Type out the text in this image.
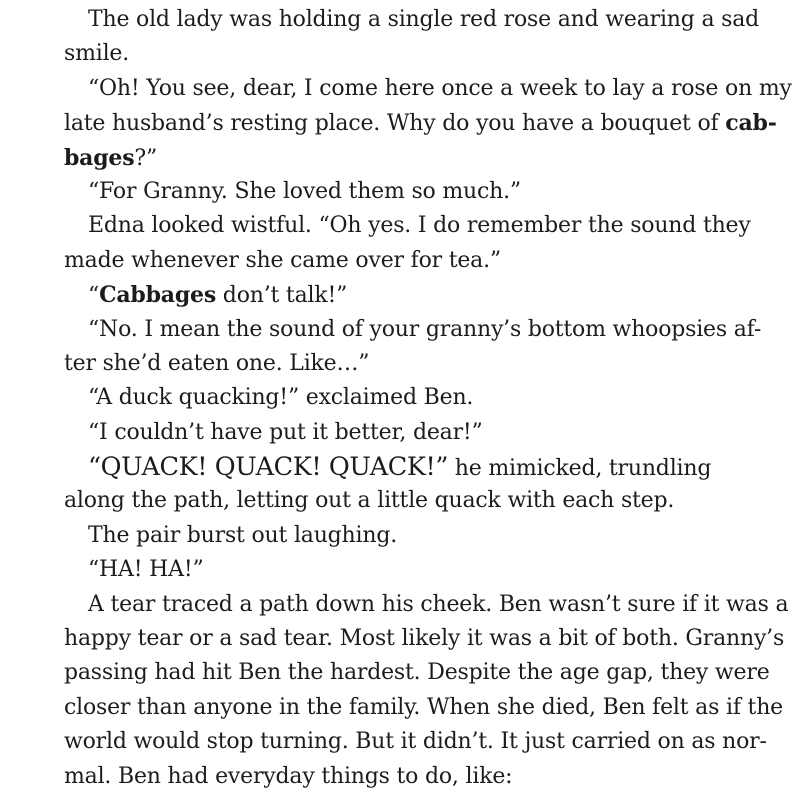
The old lady was holding a single red rose and wearing a sad
smile.
“Oh! You see, dear, I come here once a week to lay a rose on my
late husband’s resting place. Why do you have a bouquet of cab-
bages?”
“For Granny. She loved them so much.”
Edna looked wistful. “Oh yes. I do remember the sound they
made whenever she came over for tea.”
“Cabbages don’t talk!”
“No. I mean the sound of your granny’s bottom whoopsies af-
ter she’d eaten one. Like…”
“A duck quacking!” exclaimed Ben.
“I couldn’t have put it better, dear!”
“QUACK! QUACK! QUACK!” he mimicked, trundling
along the path, letting out a little quack with each step.
The pair burst out laughing.
“HA! HA!”
A tear traced a path down his cheek. Ben wasn’t sure if it was a
happy tear or a sad tear. Most likely it was a bit of both. Granny’s
passing had hit Ben the hardest. Despite the age gap, they were
closer than anyone in the family. When she died, Ben felt as if the
world would stop turning. But it didn’t. It just carried on as nor-
mal. Ben had everyday things to do, like:
